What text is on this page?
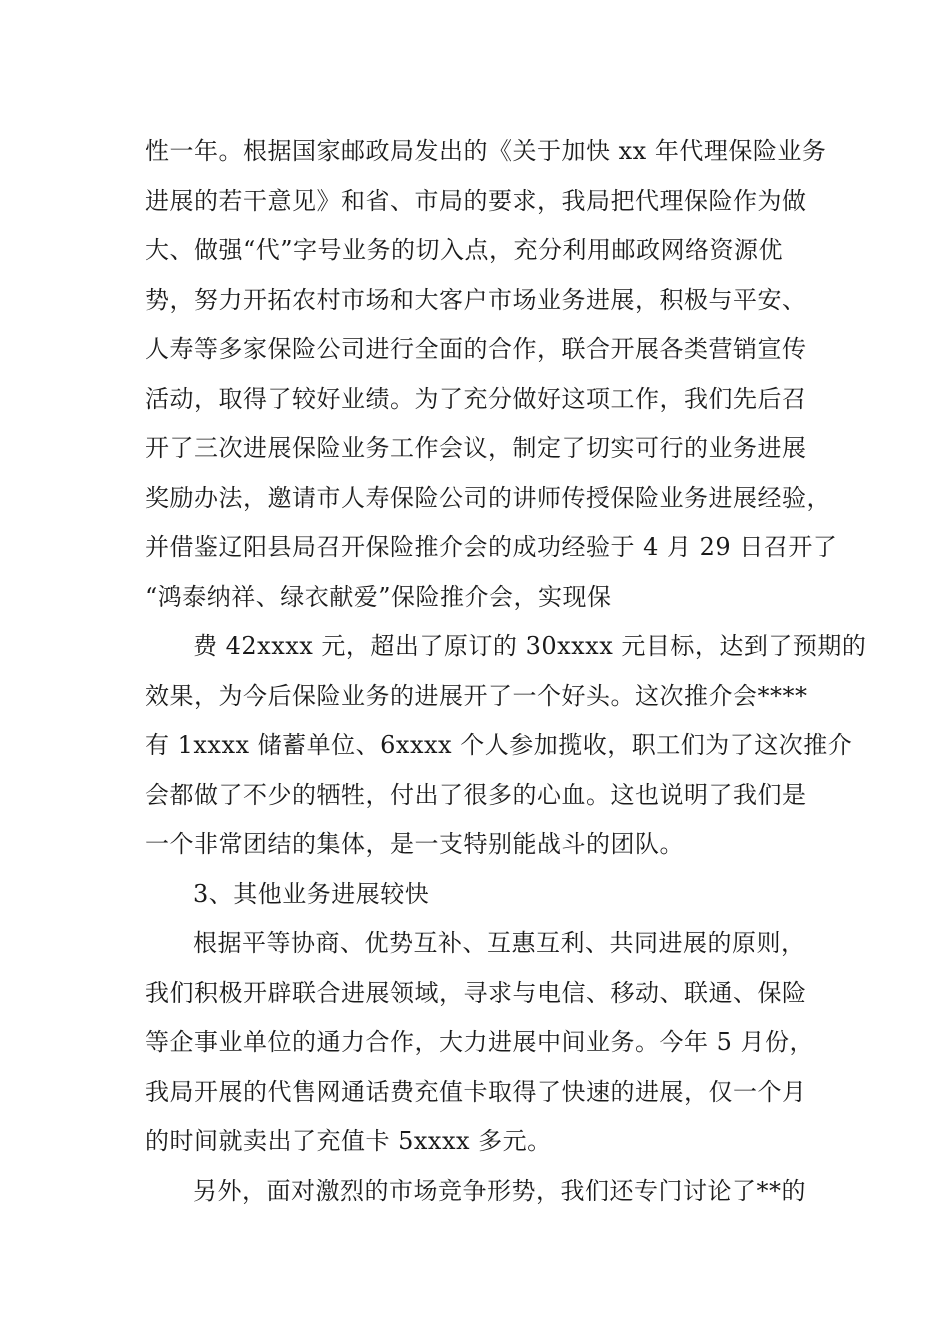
性一年。根据国家邮政局发出的《关于加快 xx 年代理保险业务
进展的若干意见》和省、市局的要求，我局把代理保险作为做
大、做强“代”字号业务的切入点，充分利用邮政网络资源优
势，努力开拓农村市场和大客户市场业务进展，积极与平安、
人寿等多家保险公司进行全面的合作，联合开展各类营销宣传
活动，取得了较好业绩。为了充分做好这项工作，我们先后召
开了三次进展保险业务工作会议，制定了切实可行的业务进展
奖励办法，邀请市人寿保险公司的讲师传授保险业务进展经验，
并借鉴辽阳县局召开保险推介会的成功经验于 4 月 29 日召开了
“鸿泰纳祥、绿衣献爱”保险推介会，实现保
费 42xxxx 元，超出了原订的 30xxxx 元目标，达到了预期的
效果，为今后保险业务的进展开了一个好头。这次推介会****
有 1xxxx 储蓄单位、6xxxx 个人参加揽收，职工们为了这次推介
会都做了不少的牺牲，付出了很多的心血。这也说明了我们是
一个非常团结的集体，是一支特别能战斗的团队。
3、其他业务进展较快
根据平等协商、优势互补、互惠互利、共同进展的原则，
我们积极开辟联合进展领域，寻求与电信、移动、联通、保险
等企事业单位的通力合作，大力进展中间业务。今年 5 月份，
我局开展的代售网通话费充值卡取得了快速的进展，仅一个月
的时间就卖出了充值卡 5xxxx 多元。
另外，面对激烈的市场竞争形势，我们还专门讨论了**的
